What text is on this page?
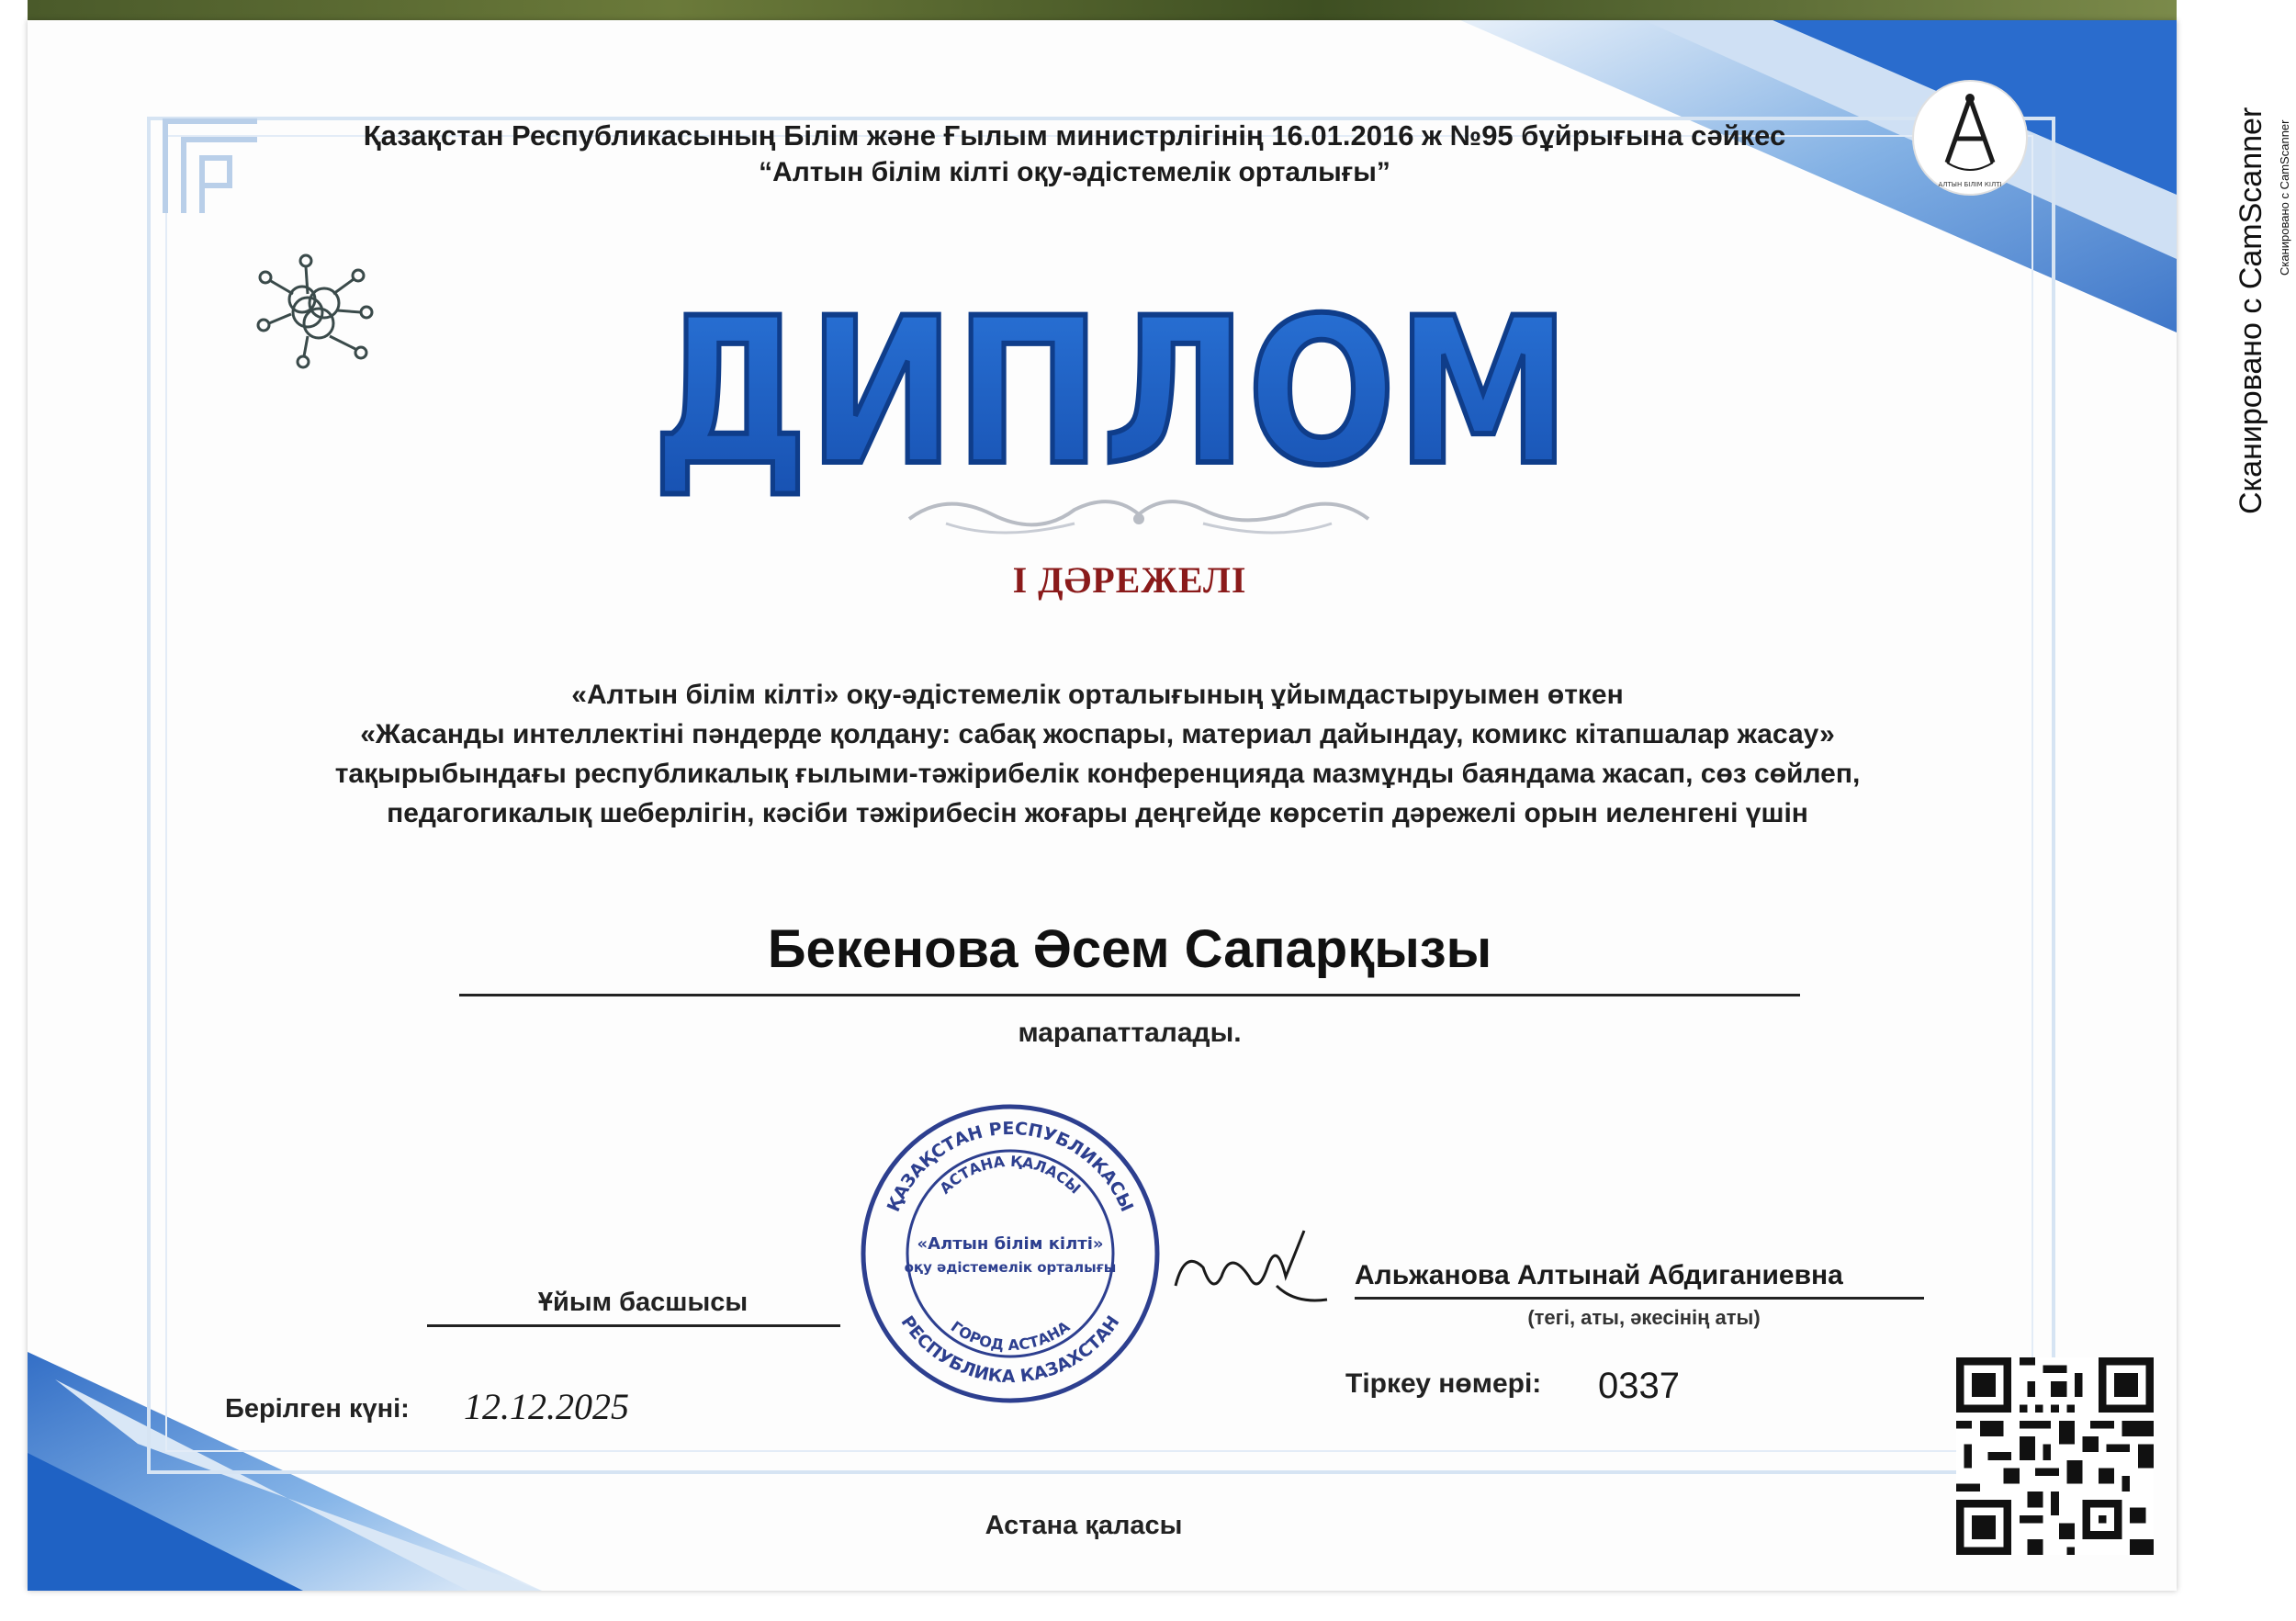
Қазақстан Республикасының Білім және Ғылым министрлігінің 16.01.2016 ж №95 бұйрығына сәйкес
“Алтын білім кілті оқу-әдістемелік орталығы”	АЛТЫН БІЛІМ КІЛТІ
ДИПЛОМ
І ДӘРЕЖЕЛІ
«Алтын білім кілті» оқу-әдістемелік орталығының ұйымдастыруымен өткен
«Жасанды интеллектіні пәндерде қолдану: сабақ жоспары, материал дайындау, комикс кітапшалар жасау»
тақырыбындағы республикалық ғылыми-тәжірибелік конференцияда мазмұнды баяндама жасап, сөз сөйлеп,
педагогикалық шеберлігін, кәсіби тәжірибесін жоғары деңгейде көрсетіп дәрежелі орын иеленгені үшін
Бекенова Әсем Сапарқызы
марапатталады.
ҚАЗАҚСТАН РЕСПУБЛИКАСЫ
АСТАНА ҚАЛАСЫ
РЕСПУБЛИКА КАЗАХСТАН
ГОРОД АСТАНА
«Алтын білім кілті»
оқу әдістемелік орталығы
Ұйым басшысы
Альжанова Алтынай Абдиганиевна
(тегі, аты, әкесінің аты)
Берілген күні: 12.12.2025
Тіркеу нөмері: 0337
Астана қаласы
Сканировано с CamScanner Сканировано с CamScanner
